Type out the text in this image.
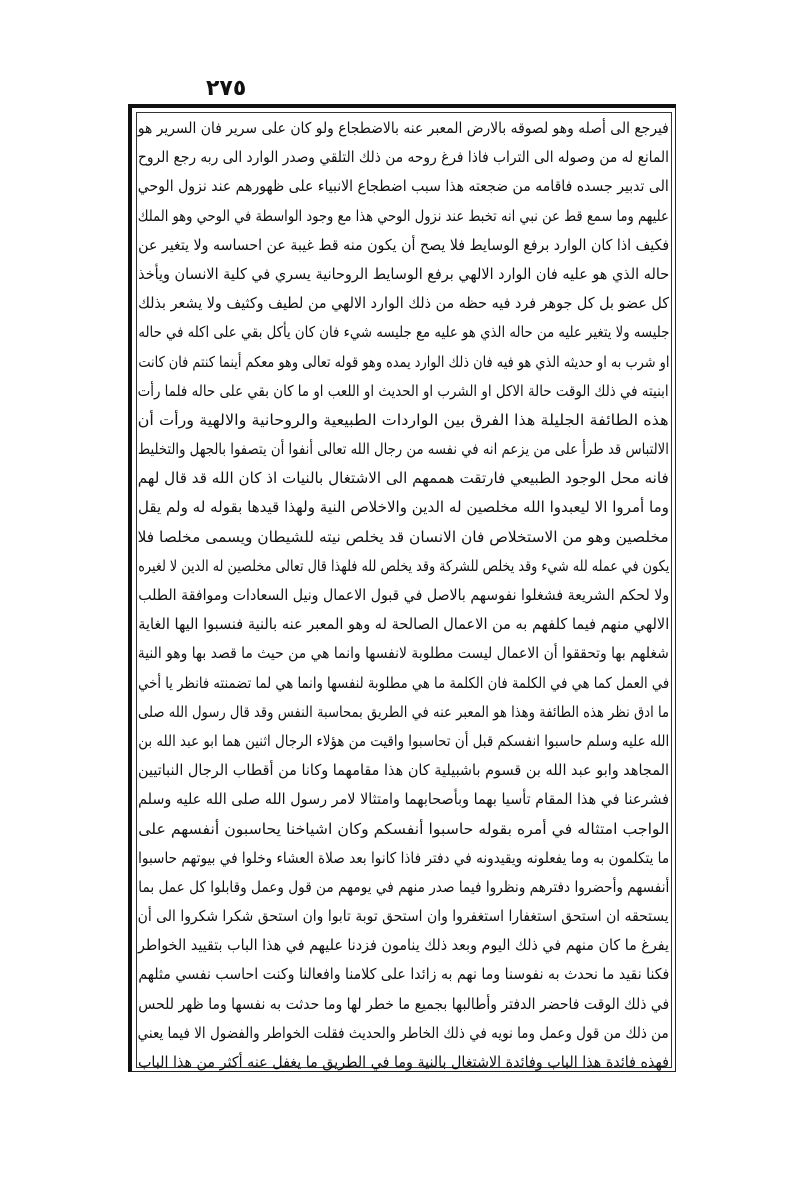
٢٧٥
فيرجع الى أصله وهو لصوقه بالارض المعبر عنه بالاضطجاع ولو كان على سرير فان السرير هو
المانع له من وصوله الى التراب فاذا فرغ روحه من ذلك التلقي وصدر الوارد الى ربه رجع الروح
الى تدبير جسده فاقامه من ضجعته هذا سبب اضطجاع الانبياء على ظهورهم عند نزول الوحي
عليهم وما سمع قط عن نبي انه تخبط عند نزول الوحي هذا مع وجود الواسطة في الوحي وهو الملك
فكيف اذا كان الوارد برفع الوسايط فلا يصح أن يكون منه قط غيبة عن احساسه ولا يتغير عن
حاله الذي هو عليه فان الوارد الالهي برفع الوسايط الروحانية يسري في كلية الانسان ويأخذ
كل عضو بل كل جوهر فرد فيه حظه من ذلك الوارد الالهي من لطيف وكثيف ولا يشعر بذلك
جليسه ولا يتغير عليه من حاله الذي هو عليه مع جليسه شيء فان كان يأكل بقي على اكله في حاله
او شرب به او حديثه الذي هو فيه فان ذلك الوارد يمده وهو قوله تعالى وهو معكم أينما كنتم فان كانت
ابنيته في ذلك الوقت حالة الاكل او الشرب او الحديث او اللعب او ما كان بقي على حاله فلما رأت
هذه الطائفة الجليلة هذا الفرق بين الواردات الطبيعية والروحانية والالهية ورأت أن
الالتباس قد طرأ على من يزعم انه في نفسه من رجال الله تعالى أنفوا أن يتصفوا بالجهل والتخليط
فانه محل الوجود الطبيعي فارتقت هممهم الى الاشتغال بالنيات اذ كان الله قد قال لهم
وما أمروا الا ليعبدوا الله مخلصين له الدين والاخلاص النية ولهذا قيدها بقوله له ولم يقل
مخلصين وهو من الاستخلاص فان الانسان قد يخلص نيته للشيطان ويسمى مخلصا فلا
يكون في عمله لله شيء وقد يخلص للشركة وقد يخلص لله فلهذا قال تعالى مخلصين له الدين لا لغيره
ولا لحكم الشريعة فشغلوا نفوسهم بالاصل في قبول الاعمال ونيل السعادات وموافقة الطلب
الالهي منهم فيما كلفهم به من الاعمال الصالحة له وهو المعبر عنه بالنية فنسبوا اليها الغاية
شغلهم بها وتحققوا أن الاعمال ليست مطلوبة لانفسها وانما هي من حيث ما قصد بها وهو النية
في العمل كما هي في الكلمة فان الكلمة ما هي مطلوبة لنفسها وانما هي لما تضمنته فانظر يا أخي
ما ادق نظر هذه الطائفة وهذا هو المعبر عنه في الطريق بمحاسبة النفس وقد قال رسول الله صلى
الله عليه وسلم حاسبوا انفسكم قبل أن تحاسبوا واقيت من هؤلاء الرجال اثنين هما ابو عبد الله بن
المجاهد وابو عبد الله بن قسوم باشبيلية كان هذا مقامهما وكانا من أقطاب الرجال النباتيين
فشرعنا في هذا المقام تأسيا بهما وبأصحابهما وامتثالا لامر رسول الله صلى الله عليه وسلم
الواجب امتثاله في أمره بقوله حاسبوا أنفسكم وكان اشياخنا يحاسبون أنفسهم على
ما يتكلمون به وما يفعلونه ويقيدونه في دفتر فاذا كانوا بعد صلاة العشاء وخلوا في بيوتهم حاسبوا
أنفسهم وأحضروا دفترهم ونظروا فيما صدر منهم في يومهم من قول وعمل وقابلوا كل عمل بما
يستحقه ان استحق استغفارا استغفروا وان استحق توبة تابوا وان استحق شكرا شكروا الى أن
يفرغ ما كان منهم في ذلك اليوم وبعد ذلك ينامون فزدنا عليهم في هذا الباب بتقييد الخواطر
فكنا نقيد ما نحدث به نفوسنا وما نهم به زائدا على كلامنا وافعالنا وكنت احاسب نفسي مثلهم
في ذلك الوقت فاحضر الدفتر وأطالبها بجميع ما خطر لها وما حدثت به نفسها وما ظهر للحس
من ذلك من قول وعمل وما نويه في ذلك الخاطر والحديث فقلت الخواطر والفضول الا فيما يعني
فهذه فائدة هذا الباب وفائدة الاشتغال بالنية وما في الطريق ما يغفل عنه أكثر من هذا الباب
